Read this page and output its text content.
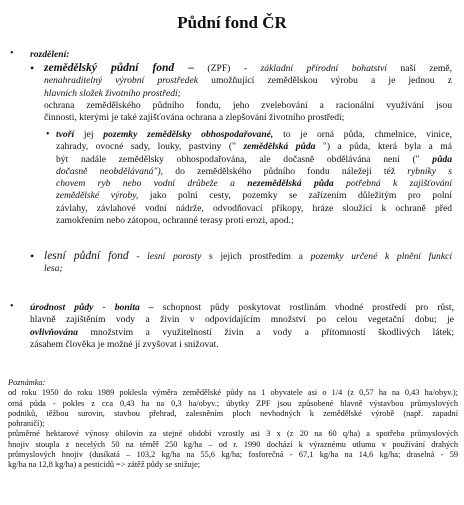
Půdní fond ČR
• rozdělení:
• zemědělský půdní fond – (ZPF) - základní přírodní bohatství naší země,
nenahraditelný výrobní prostředek umožňující zemědělskou výrobu a je jednou z
hlavních složek životního prostředí;
ochrana zemědělského půdního fondu, jeho zvelebování a racionální využívání jsou
činnosti, kterými je také zajišťována ochrana a zlepšování životního prostředí;
• tvoří jej pozemky zemědělsky obhospodařované, to je orná půda, chmelnice, vinice,
zahrady, ovocné sady, louky, pastviny (" zemědělská půda ") a půda, která byla a má
být nadále zemědělsky obhospodařována, ale dočasně obdělávána není (" půda
dočasně neobdělávaná"), do zemědělského půdního fondu náležejí též rybníky s
chovem ryb nebo vodní drůbeže a nezemědělská půda potřebná k zajišťování
zemědělské výroby, jako polní cesty, pozemky se zařízením důležitým pro polní
závlahy, závlahové vodní nádrže, odvodňovací příkopy, hráze sloužící k ochraně před
zamokřením nebo zátopou, ochranné terasy proti erozi, apod.;
• lesní půdní fond - lesní porosty s jejich prostředím a pozemky určené k plnění funkcí
lesa;
• úrodnost půdy - bonita – schopnost půdy poskytovat rostlinám vhodné prostředí pro růst,
hlavně zajištěním vody a živin v odpovídajícím množství po celou vegetační dobu; je
ovlivňována množstvím a využitelností živin a vody a přítomností škodlivých látek;
zásahem člověka je možné jí zvyšovat i snižovat.
Poznámka:
od roku 1950 do roku 1989 poklesla výměra zemědělské půdy na 1 obyvatele asi o 1/4 (z 0,57 ha na 0,43 ha/obyv.);
orná půda - pokles z cca 0,43 ha na 0,3 ha/obyv.; úbytky ZPF jsou způsobené hlavně výstavbou průmyslových
podniků, těžbou surovin, stavbou přehrad, zalesněním ploch nevhodných k zemědělské výrobě (např. zapadní
pohraničí);
průměrné hektarové výnosy obilovin za stejné období vzrostly asi 3 x (z 20 na 60 q/ha) a spotřeba průmyslových
hnojiv stoupla z necelých 50 na téměř 250 kg/ha – od r. 1990 dochází k výraznému utlumu v používání drahých
průmyslových hnojiv (dusíkatá – 103,2 kg/ha na 55,6 kg/ha; fosforečná - 67,1 kg/ha na 14,6 kg/ha; draselná - 59
kg/ha na 12,8 kg/ha) a pesticidů => zátěž půdy se snižuje;
